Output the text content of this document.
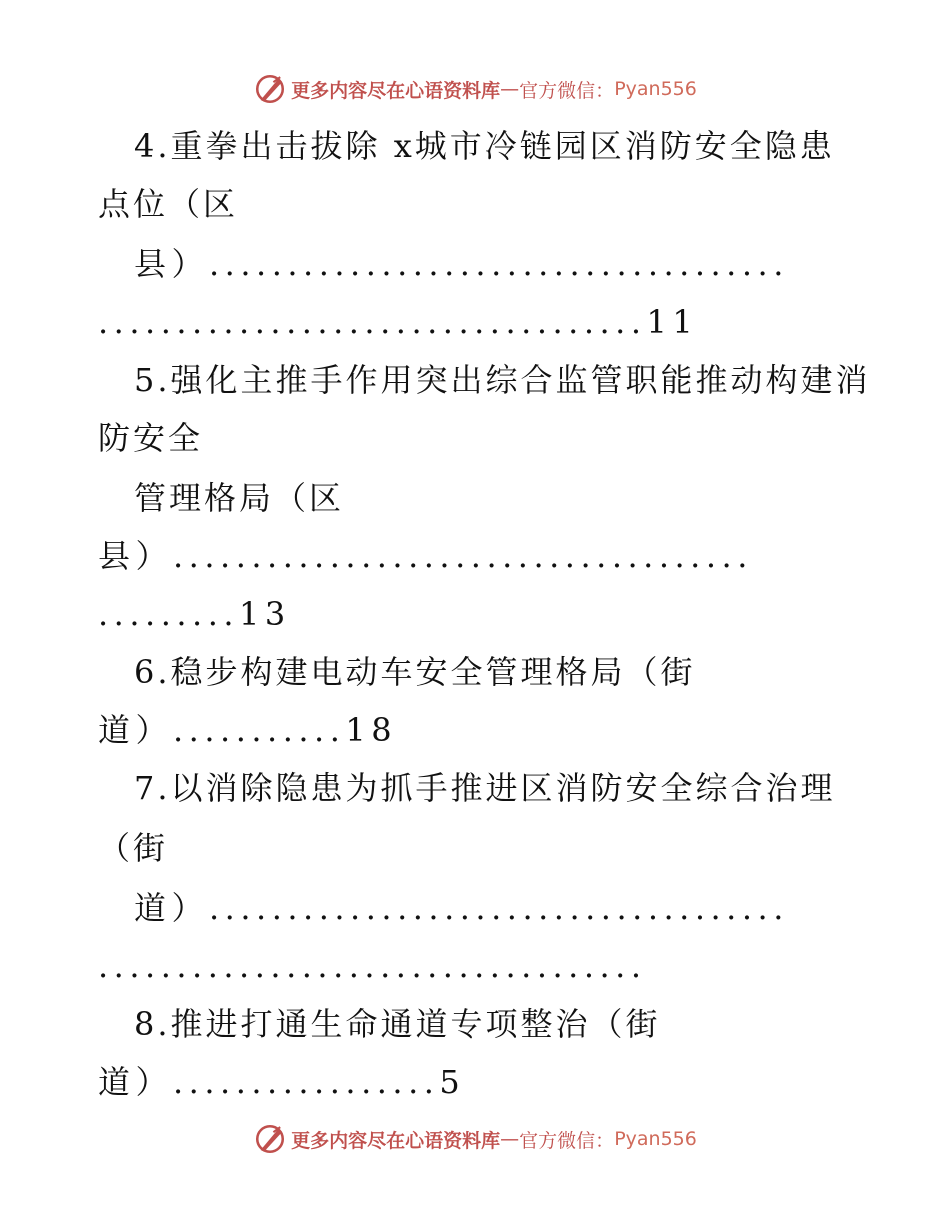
更多内容尽在心语资料库 — 官方微信： Pyan556
4.重拳出击拔除 x城市冷链园区消防安全隐患
点位（区
县）.....................................
...................................11
5.强化主推手作用突出综合监管职能推动构建消
防安全
管理格局（区
县）.....................................
.........13
6.稳步构建电动车安全管理格局（街
道）...........18
7.以消除隐患为抓手推进区消防安全综合治理
（街
道）.....................................
...................................
8.推进打通生命通道专项整治（街
道）.................5
更多内容尽在心语资料库 — 官方微信： Pyan556
